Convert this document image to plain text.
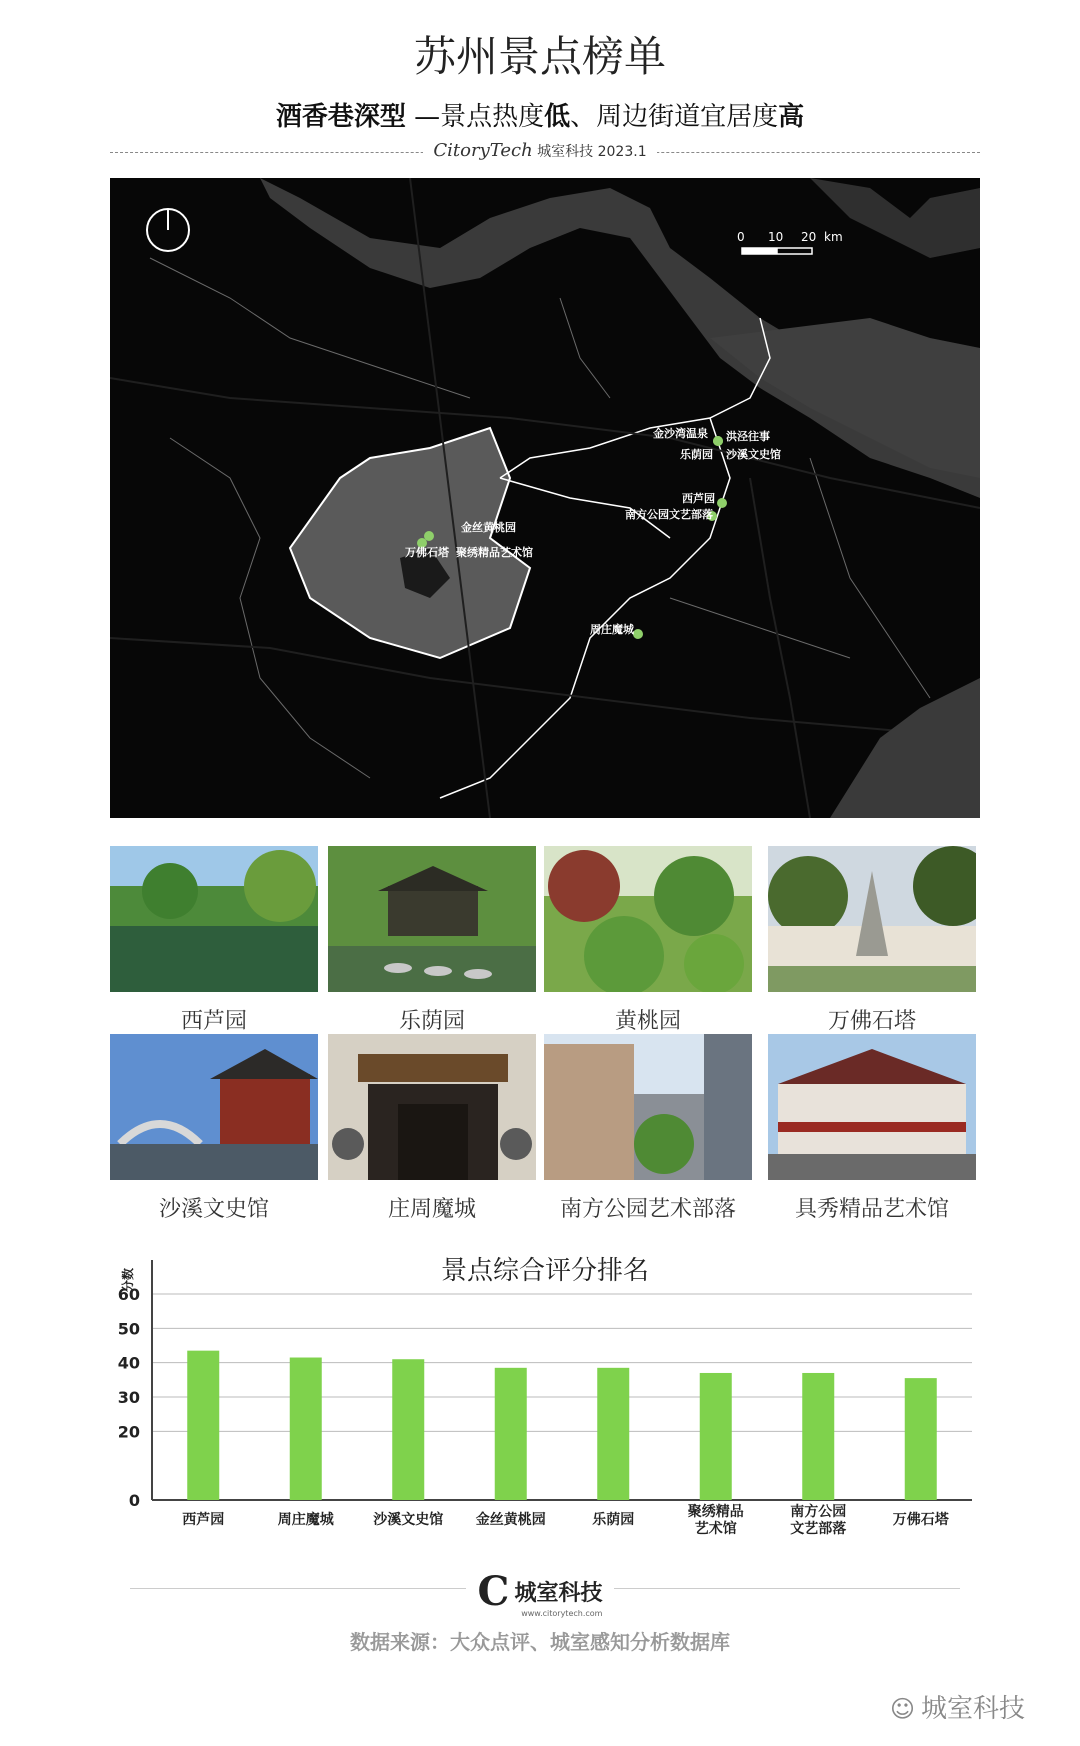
苏州景点榜单
酒香巷深型 —景点热度低、周边街道宜居度高
CitoryTech 城室科技 2023.1
0 10 20 km
金沙湾温泉 洪泾往事
乐荫园 沙溪文史馆
西芦园
南方公园文艺部落
金丝黄桃园
万佛石塔 聚绣精品艺术馆
周庄魔城
西芦园	乐荫园	黄桃园	万佛石塔
沙溪文史馆	庄周魔城	南方公园艺术部落	具秀精品艺术馆
景点综合评分排名
0
20
30
40
50
60
分数
西芦园	周庄魔城	沙溪文史馆 金丝黄桃园	乐荫园	聚绣精品
艺术馆
南方公园
文艺部落
万佛石塔
C 城室科技
www.citorytech.com
数据来源：大众点评、城室感知分析数据库
☺ 城室科技
